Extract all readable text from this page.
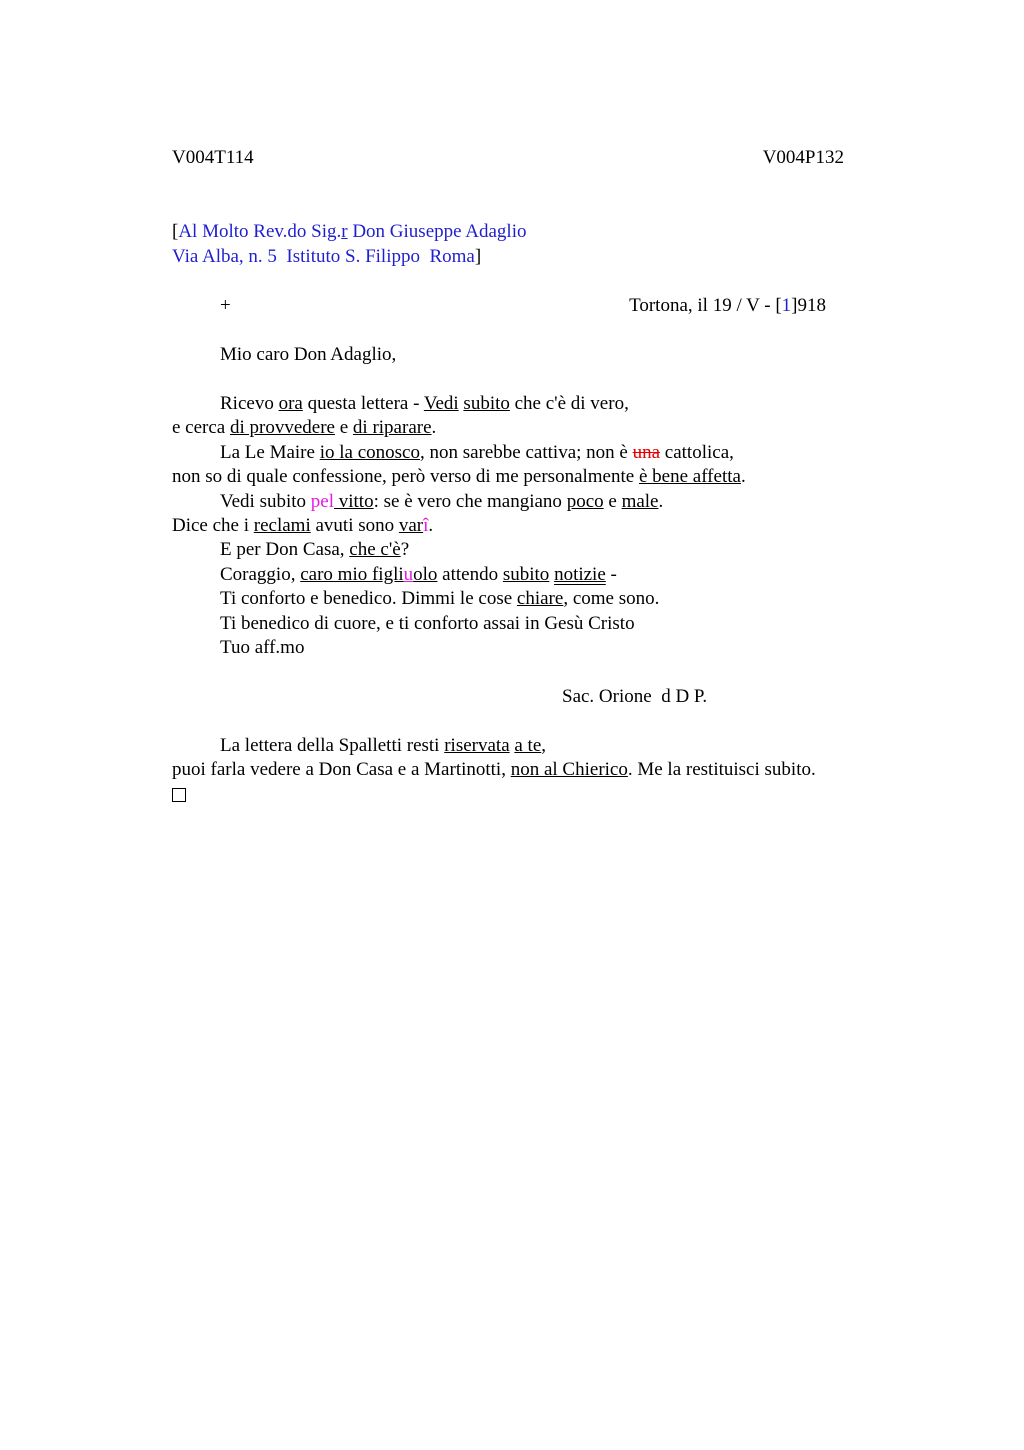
V004T114	V004P132
[Al Molto Rev.do Sig.r Don Giuseppe Adaglio
Via Alba, n. 5  Istituto S. Filippo  Roma]
+	Tortona, il 19 / V - [1]918
Mio caro Don Adaglio,
Ricevo ora questa lettera - Vedi subito che c'è di vero,
e cerca di provvedere e di riparare.
La Le Maire io la conosco, non sarebbe cattiva; non è una cattolica,
non so di quale confessione, però verso di me personalmente è bene affetta.
Vedi subito pel vitto: se è vero che mangiano poco e male.
Dice che i reclami avuti sono varî.
E per Don Casa, che c'è?
Coraggio, caro mio figliuolo attendo subito notizie -
Ti conforto e benedico. Dimmi le cose chiare, come sono.
Ti benedico di cuore, e ti conforto assai in Gesù Cristo
Tuo aff.mo
Sac. Orione  d D P.
La lettera della Spalletti resti riservata a te,
puoi farla vedere a Don Casa e a Martinotti, non al Chierico. Me la restituisci subito.
